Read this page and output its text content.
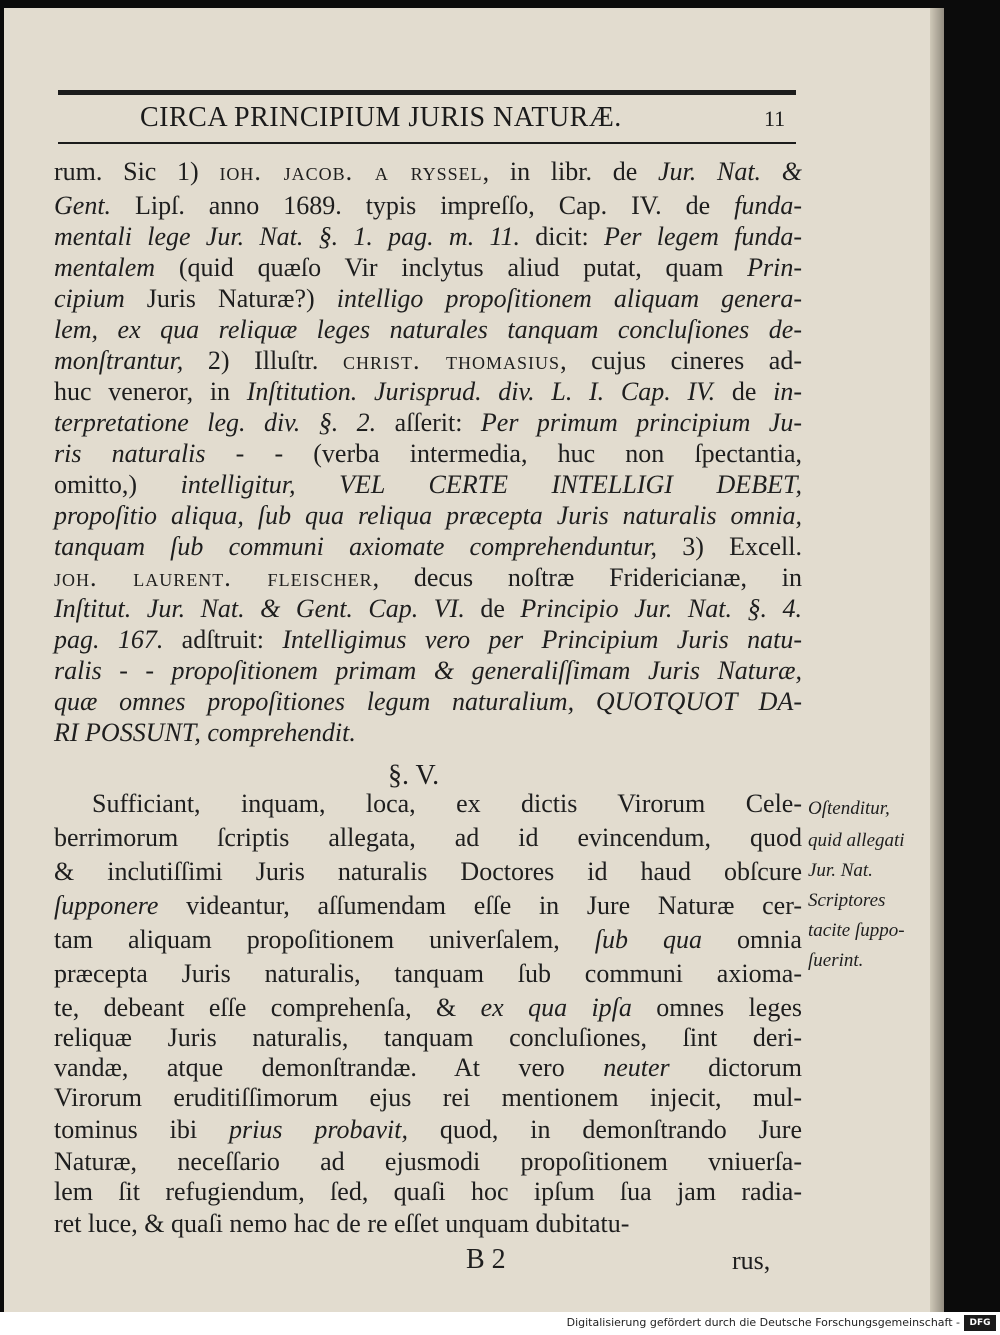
CIRCA PRINCIPIUM JURIS NATURÆ.	11
rum. Sic 1) ioh. jacob. a ryssel, in libr. de Jur. Nat. &
Gent. Lipſ. anno 1689. typis impreſſo, Cap. IV. de funda-
mentali lege Jur. Nat. §. 1. pag. m. 11. dicit: Per legem funda-
mentalem (quid quæſo Vir inclytus aliud putat, quam Prin-
cipium Juris Naturæ?) intelligo propoſitionem aliquam genera-
lem, ex qua reliquæ leges naturales tanquam concluſiones de-
monſtrantur, 2) Illuſtr. christ. thomasius, cujus cineres ad-
huc veneror, in Inſtitution. Jurisprud. div. L. I. Cap. IV. de in-
terpretatione leg. div. §. 2. aſſerit: Per primum principium Ju-
ris naturalis - - (verba intermedia, huc non ſpectantia,
omitto,) intelligitur, VEL CERTE INTELLIGI DEBET,
propoſitio aliqua, ſub qua reliqua præcepta Juris naturalis omnia,
tanquam ſub communi axiomate comprehenduntur, 3) Excell.
joh. laurent. fleischer, decus noſtræ Fridericianæ, in
Inſtitut. Jur. Nat. & Gent. Cap. VI. de Principio Jur. Nat. §. 4.
pag. 167. adſtruit: Intelligimus vero per Principium Juris natu-
ralis - - propoſitionem primam & generaliſſimam Juris Naturæ,
quæ omnes propoſitiones legum naturalium, QUOTQUOT DA-
RI POSSUNT, comprehendit.
Sufficiant, inquam, loca, ex dictis Virorum Cele-
berrimorum ſcriptis allegata, ad id evincendum, quod
& inclutiſſimi Juris naturalis Doctores id haud obſcure
ſupponere videantur, aſſumendam eſſe in Jure Naturæ cer-
tam aliquam propoſitionem univerſalem, ſub qua omnia
præcepta Juris naturalis, tanquam ſub communi axioma-
te, debeant eſſe comprehenſa, & ex qua ipſa omnes leges
reliquæ Juris naturalis, tanquam concluſiones, ſint deri-
vandæ, atque demonſtrandæ. At vero neuter dictorum
Virorum eruditiſſimorum ejus rei mentionem injecit, mul-
tominus ibi prius probavit, quod, in demonſtrando Jure
Naturæ, neceſſario ad ejusmodi propoſitionem vniuerſa-
lem ſit refugiendum, ſed, quaſi hoc ipſum ſua jam radia-
ret luce, & quaſi nemo hac de re eſſet unquam dubitatu-
§. V.
Oſtenditur,
quid allegati
Jur. Nat.
Scriptores
tacite ſuppo-
ſuerint.
B 2	rus,
Digitalisierung gefördert durch die Deutsche Forschungsgemeinschaft -	DFG
